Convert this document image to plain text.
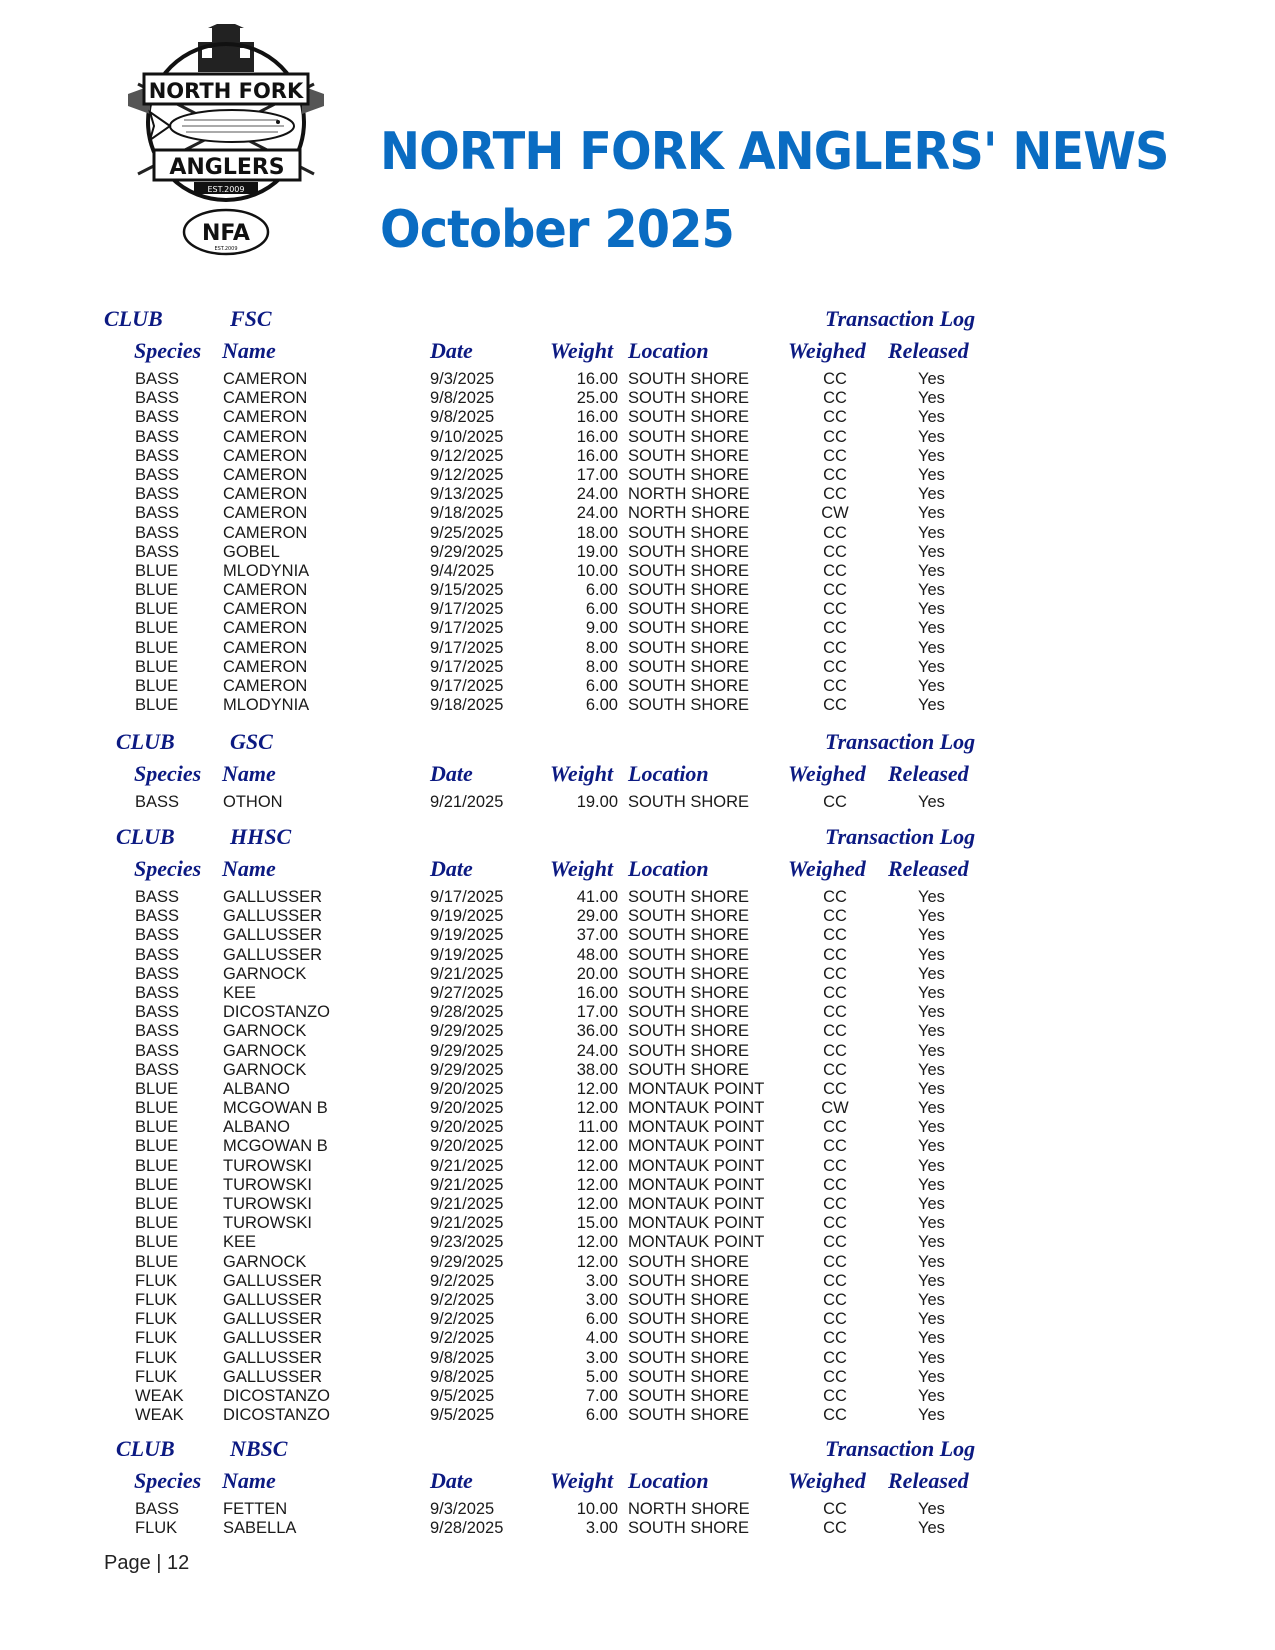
NORTH FORK
ANGLERS
EST.2009
NFA
EST.2009
NORTH FORK ANGLERS' NEWS
October 2025
CLUB	FSC	Transaction Log
Species Name	Date	Weight Location	Weighed Released
BASS	CAMERON	9/3/2025	16.00 SOUTH SHORE	CC	Yes
BASS	CAMERON	9/8/2025	25.00 SOUTH SHORE	CC	Yes
BASS	CAMERON	9/8/2025	16.00 SOUTH SHORE	CC	Yes
BASS	CAMERON	9/10/2025	16.00 SOUTH SHORE	CC	Yes
BASS	CAMERON	9/12/2025	16.00 SOUTH SHORE	CC	Yes
BASS	CAMERON	9/12/2025	17.00 SOUTH SHORE	CC	Yes
BASS	CAMERON	9/13/2025	24.00 NORTH SHORE	CC	Yes
BASS	CAMERON	9/18/2025	24.00 NORTH SHORE	CW	Yes
BASS	CAMERON	9/25/2025	18.00 SOUTH SHORE	CC	Yes
BASS	GOBEL	9/29/2025	19.00 SOUTH SHORE	CC	Yes
BLUE	MLODYNIA	9/4/2025	10.00 SOUTH SHORE	CC	Yes
BLUE	CAMERON	9/15/2025	6.00 SOUTH SHORE	CC	Yes
BLUE	CAMERON	9/17/2025	6.00 SOUTH SHORE	CC	Yes
BLUE	CAMERON	9/17/2025	9.00 SOUTH SHORE	CC	Yes
BLUE	CAMERON	9/17/2025	8.00 SOUTH SHORE	CC	Yes
BLUE	CAMERON	9/17/2025	8.00 SOUTH SHORE	CC	Yes
BLUE	CAMERON	9/17/2025	6.00 SOUTH SHORE	CC	Yes
BLUE	MLODYNIA	9/18/2025	6.00 SOUTH SHORE	CC	Yes
CLUB	GSC	Transaction Log
Species Name	Date	Weight Location	Weighed Released
BASS	OTHON	9/21/2025	19.00 SOUTH SHORE	CC	Yes
CLUB	HHSC	Transaction Log
Species Name	Date	Weight Location	Weighed Released
BASS	GALLUSSER	9/17/2025	41.00 SOUTH SHORE	CC	Yes
BASS	GALLUSSER	9/19/2025	29.00 SOUTH SHORE	CC	Yes
BASS	GALLUSSER	9/19/2025	37.00 SOUTH SHORE	CC	Yes
BASS	GALLUSSER	9/19/2025	48.00 SOUTH SHORE	CC	Yes
BASS	GARNOCK	9/21/2025	20.00 SOUTH SHORE	CC	Yes
BASS	KEE	9/27/2025	16.00 SOUTH SHORE	CC	Yes
BASS	DICOSTANZO	9/28/2025	17.00 SOUTH SHORE	CC	Yes
BASS	GARNOCK	9/29/2025	36.00 SOUTH SHORE	CC	Yes
BASS	GARNOCK	9/29/2025	24.00 SOUTH SHORE	CC	Yes
BASS	GARNOCK	9/29/2025	38.00 SOUTH SHORE	CC	Yes
BLUE	ALBANO	9/20/2025	12.00 MONTAUK POINT	CC	Yes
BLUE	MCGOWAN B	9/20/2025	12.00 MONTAUK POINT	CW	Yes
BLUE	ALBANO	9/20/2025	11.00 MONTAUK POINT	CC	Yes
BLUE	MCGOWAN B	9/20/2025	12.00 MONTAUK POINT	CC	Yes
BLUE	TUROWSKI	9/21/2025	12.00 MONTAUK POINT	CC	Yes
BLUE	TUROWSKI	9/21/2025	12.00 MONTAUK POINT	CC	Yes
BLUE	TUROWSKI	9/21/2025	12.00 MONTAUK POINT	CC	Yes
BLUE	TUROWSKI	9/21/2025	15.00 MONTAUK POINT	CC	Yes
BLUE	KEE	9/23/2025	12.00 MONTAUK POINT	CC	Yes
BLUE	GARNOCK	9/29/2025	12.00 SOUTH SHORE	CC	Yes
FLUK	GALLUSSER	9/2/2025	3.00 SOUTH SHORE	CC	Yes
FLUK	GALLUSSER	9/2/2025	3.00 SOUTH SHORE	CC	Yes
FLUK	GALLUSSER	9/2/2025	6.00 SOUTH SHORE	CC	Yes
FLUK	GALLUSSER	9/2/2025	4.00 SOUTH SHORE	CC	Yes
FLUK	GALLUSSER	9/8/2025	3.00 SOUTH SHORE	CC	Yes
FLUK	GALLUSSER	9/8/2025	5.00 SOUTH SHORE	CC	Yes
WEAK DICOSTANZO	9/5/2025	7.00 SOUTH SHORE	CC	Yes
WEAK DICOSTANZO	9/5/2025	6.00 SOUTH SHORE	CC	Yes
CLUB	NBSC	Transaction Log
Species Name	Date	Weight Location	Weighed Released
BASS	FETTEN	9/3/2025	10.00 NORTH SHORE	CC	Yes
FLUK	SABELLA	9/28/2025	3.00 SOUTH SHORE	CC	Yes
Page | 12
